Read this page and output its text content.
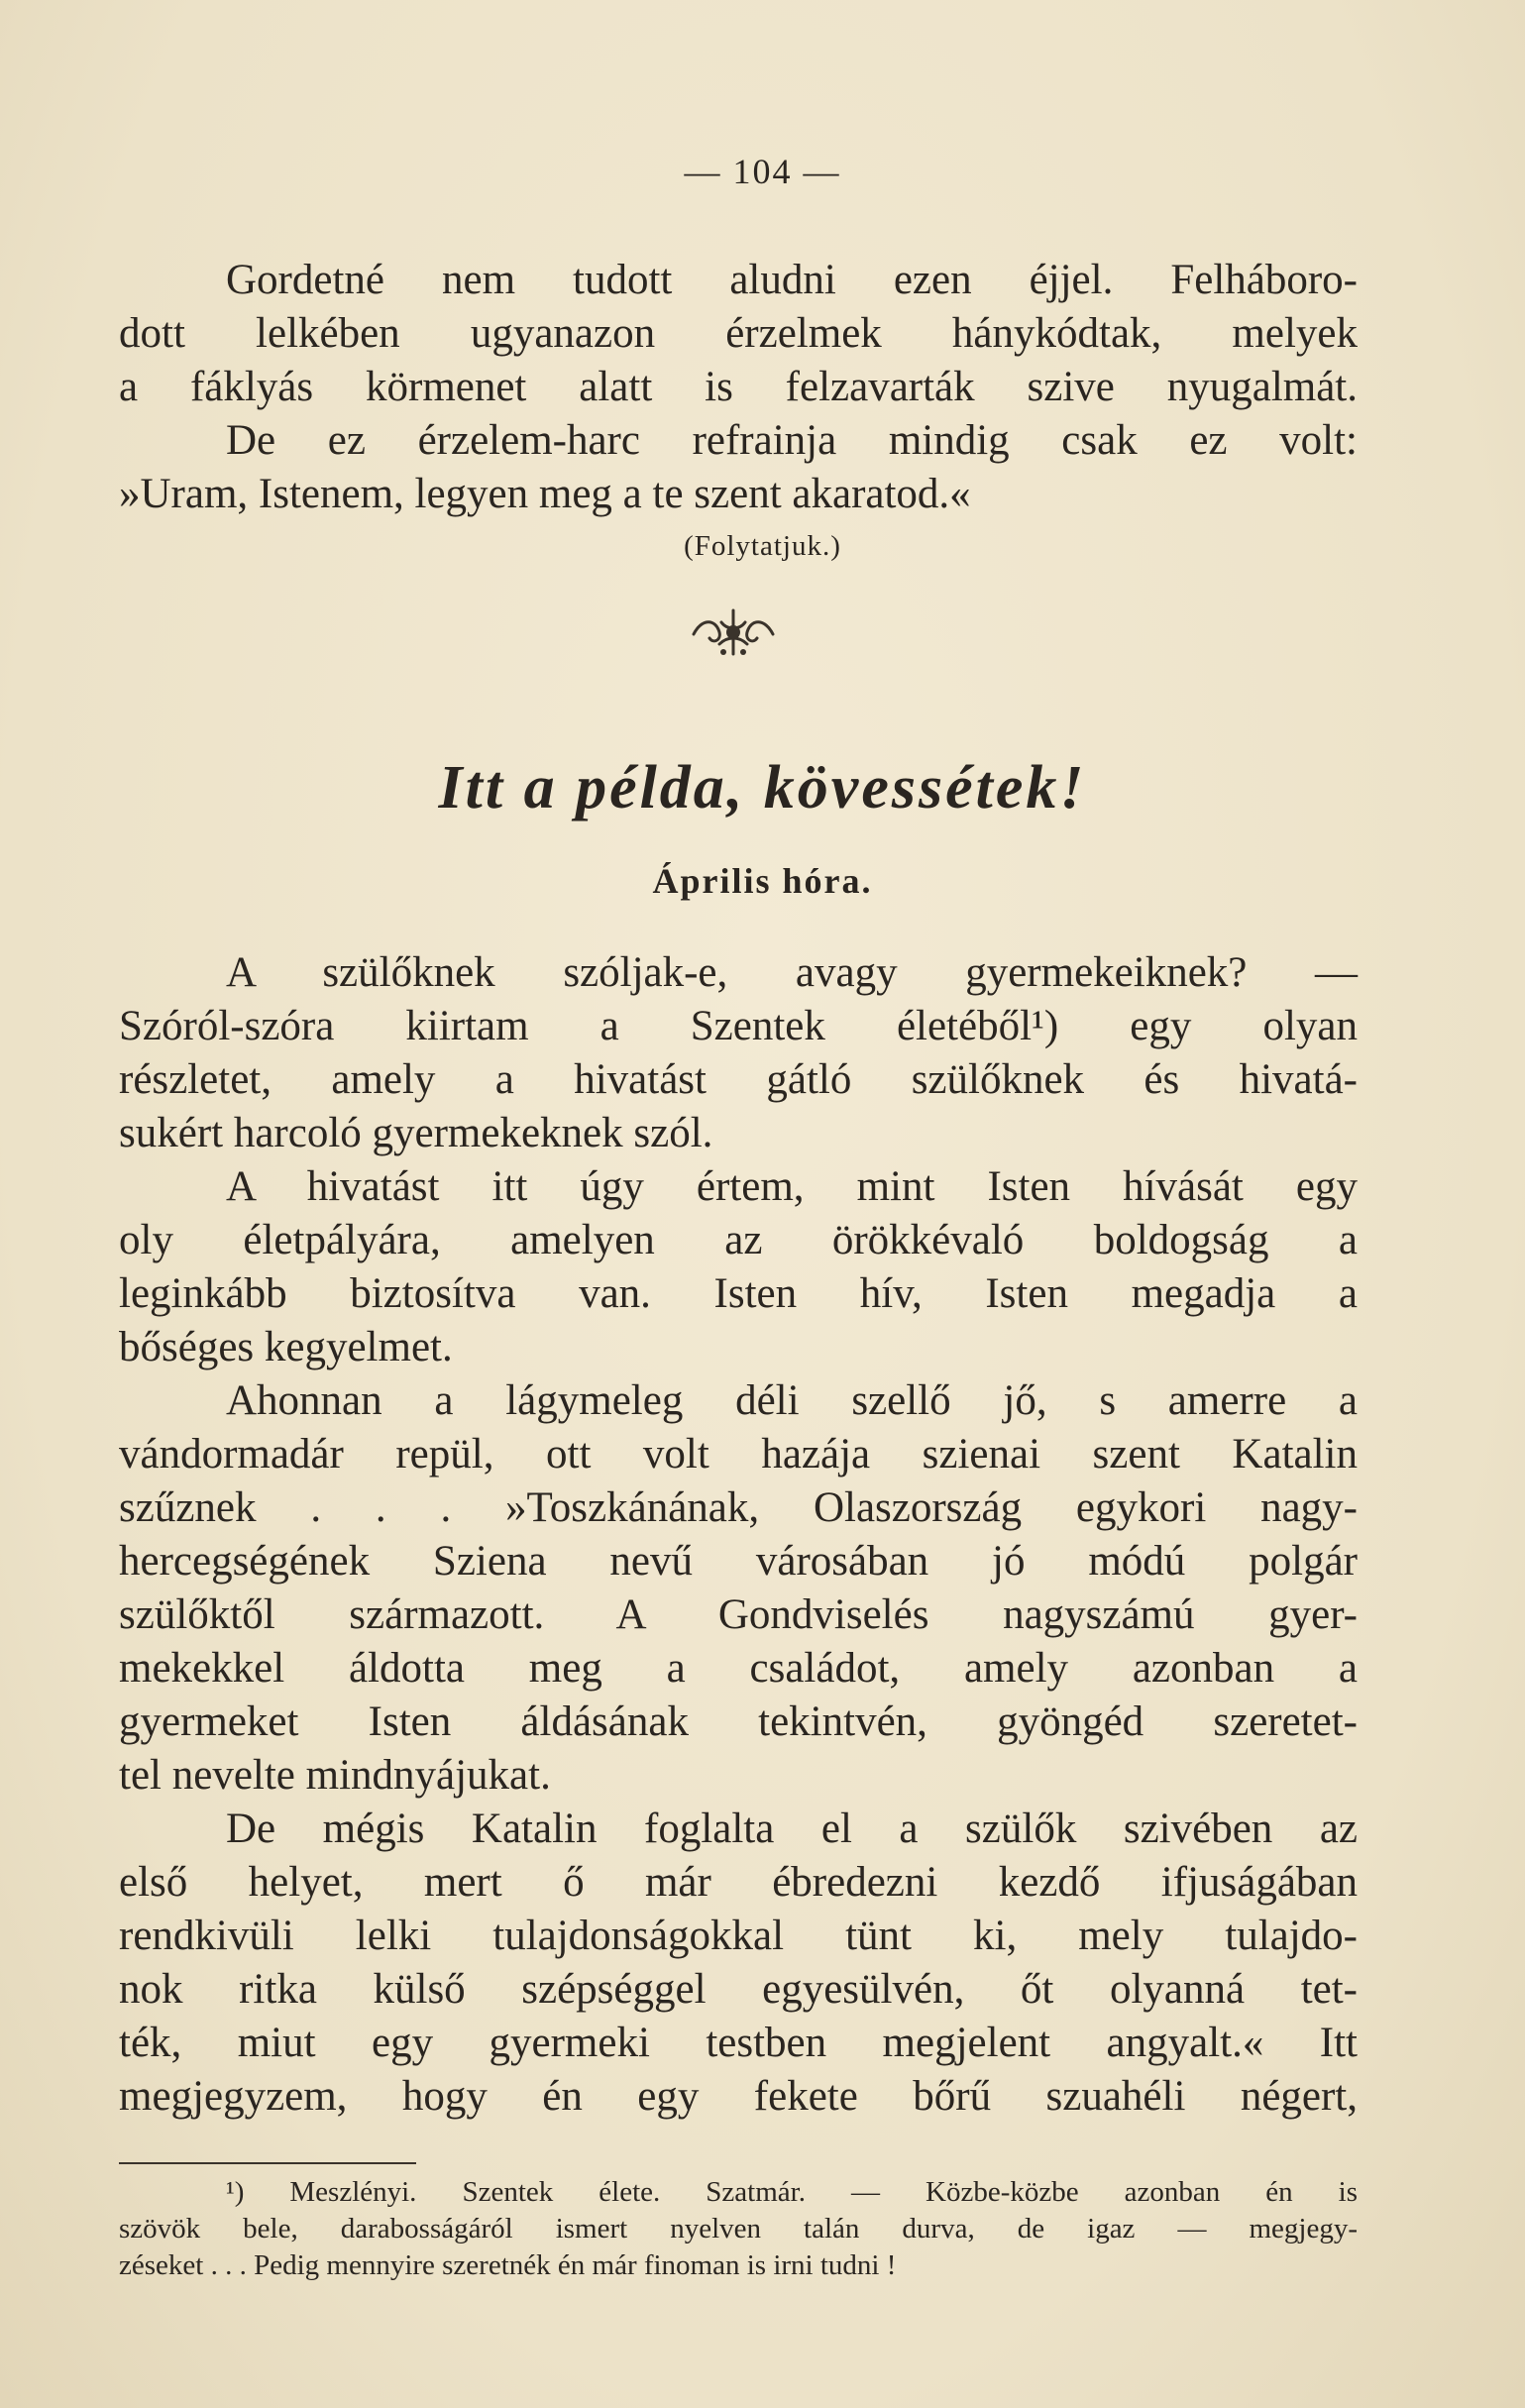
— 104 —

Gordetné nem tudott aludni ezen éjjel. Felháboro-

dott lelkében ugyanazon érzelmek hánykódtak, melyek

a fáklyás körmenet alatt is felzavarták szive nyugalmát.

De ez érzelem-harc refrainja mindig csak ez volt:

»Uram, Istenem, legyen meg a te szent akaratod.«

(Folytatjuk.)
Itt a példa, kövessétek!
Április hóra.

A szülőknek szóljak-e, avagy gyermekeiknek? —

Szóról-szóra kiirtam a Szentek életéből¹) egy olyan

részletet, amely a hivatást gátló szülőknek és hivatá-

sukért harcoló gyermekeknek szól.

A hivatást itt úgy értem, mint Isten hívását egy

oly életpályára, amelyen az örökkévaló boldogság a

leginkább biztosítva van. Isten hív, Isten megadja a

bőséges kegyelmet.

Ahonnan a lágymeleg déli szellő jő, s amerre a

vándormadár repül, ott volt hazája szienai szent Katalin

szűznek . . . »Toszkánának, Olaszország egykori nagy-

hercegségének Sziena nevű városában jó módú polgár

szülőktől származott. A Gondviselés nagyszámú gyer-

mekekkel áldotta meg a családot, amely azonban a

gyermeket Isten áldásának tekintvén, gyöngéd szeretet-

tel nevelte mindnyájukat.

De mégis Katalin foglalta el a szülők szivében az

első helyet, mert ő már ébredezni kezdő ifjuságában

rendkivüli lelki tulajdonságokkal tünt ki, mely tulajdo-

nok ritka külső szépséggel egyesülvén, őt olyanná tet-

ték, miut egy gyermeki testben megjelent angyalt.« Itt

megjegyzem, hogy én egy fekete bőrű szuahéli négert,

¹) Meszlényi. Szentek élete. Szatmár. — Közbe-közbe azonban én is

szövök bele, darabosságáról ismert nyelven talán durva, de igaz — megjegy-

zéseket . . . Pedig mennyire szeretnék én már finoman is irni tudni !
